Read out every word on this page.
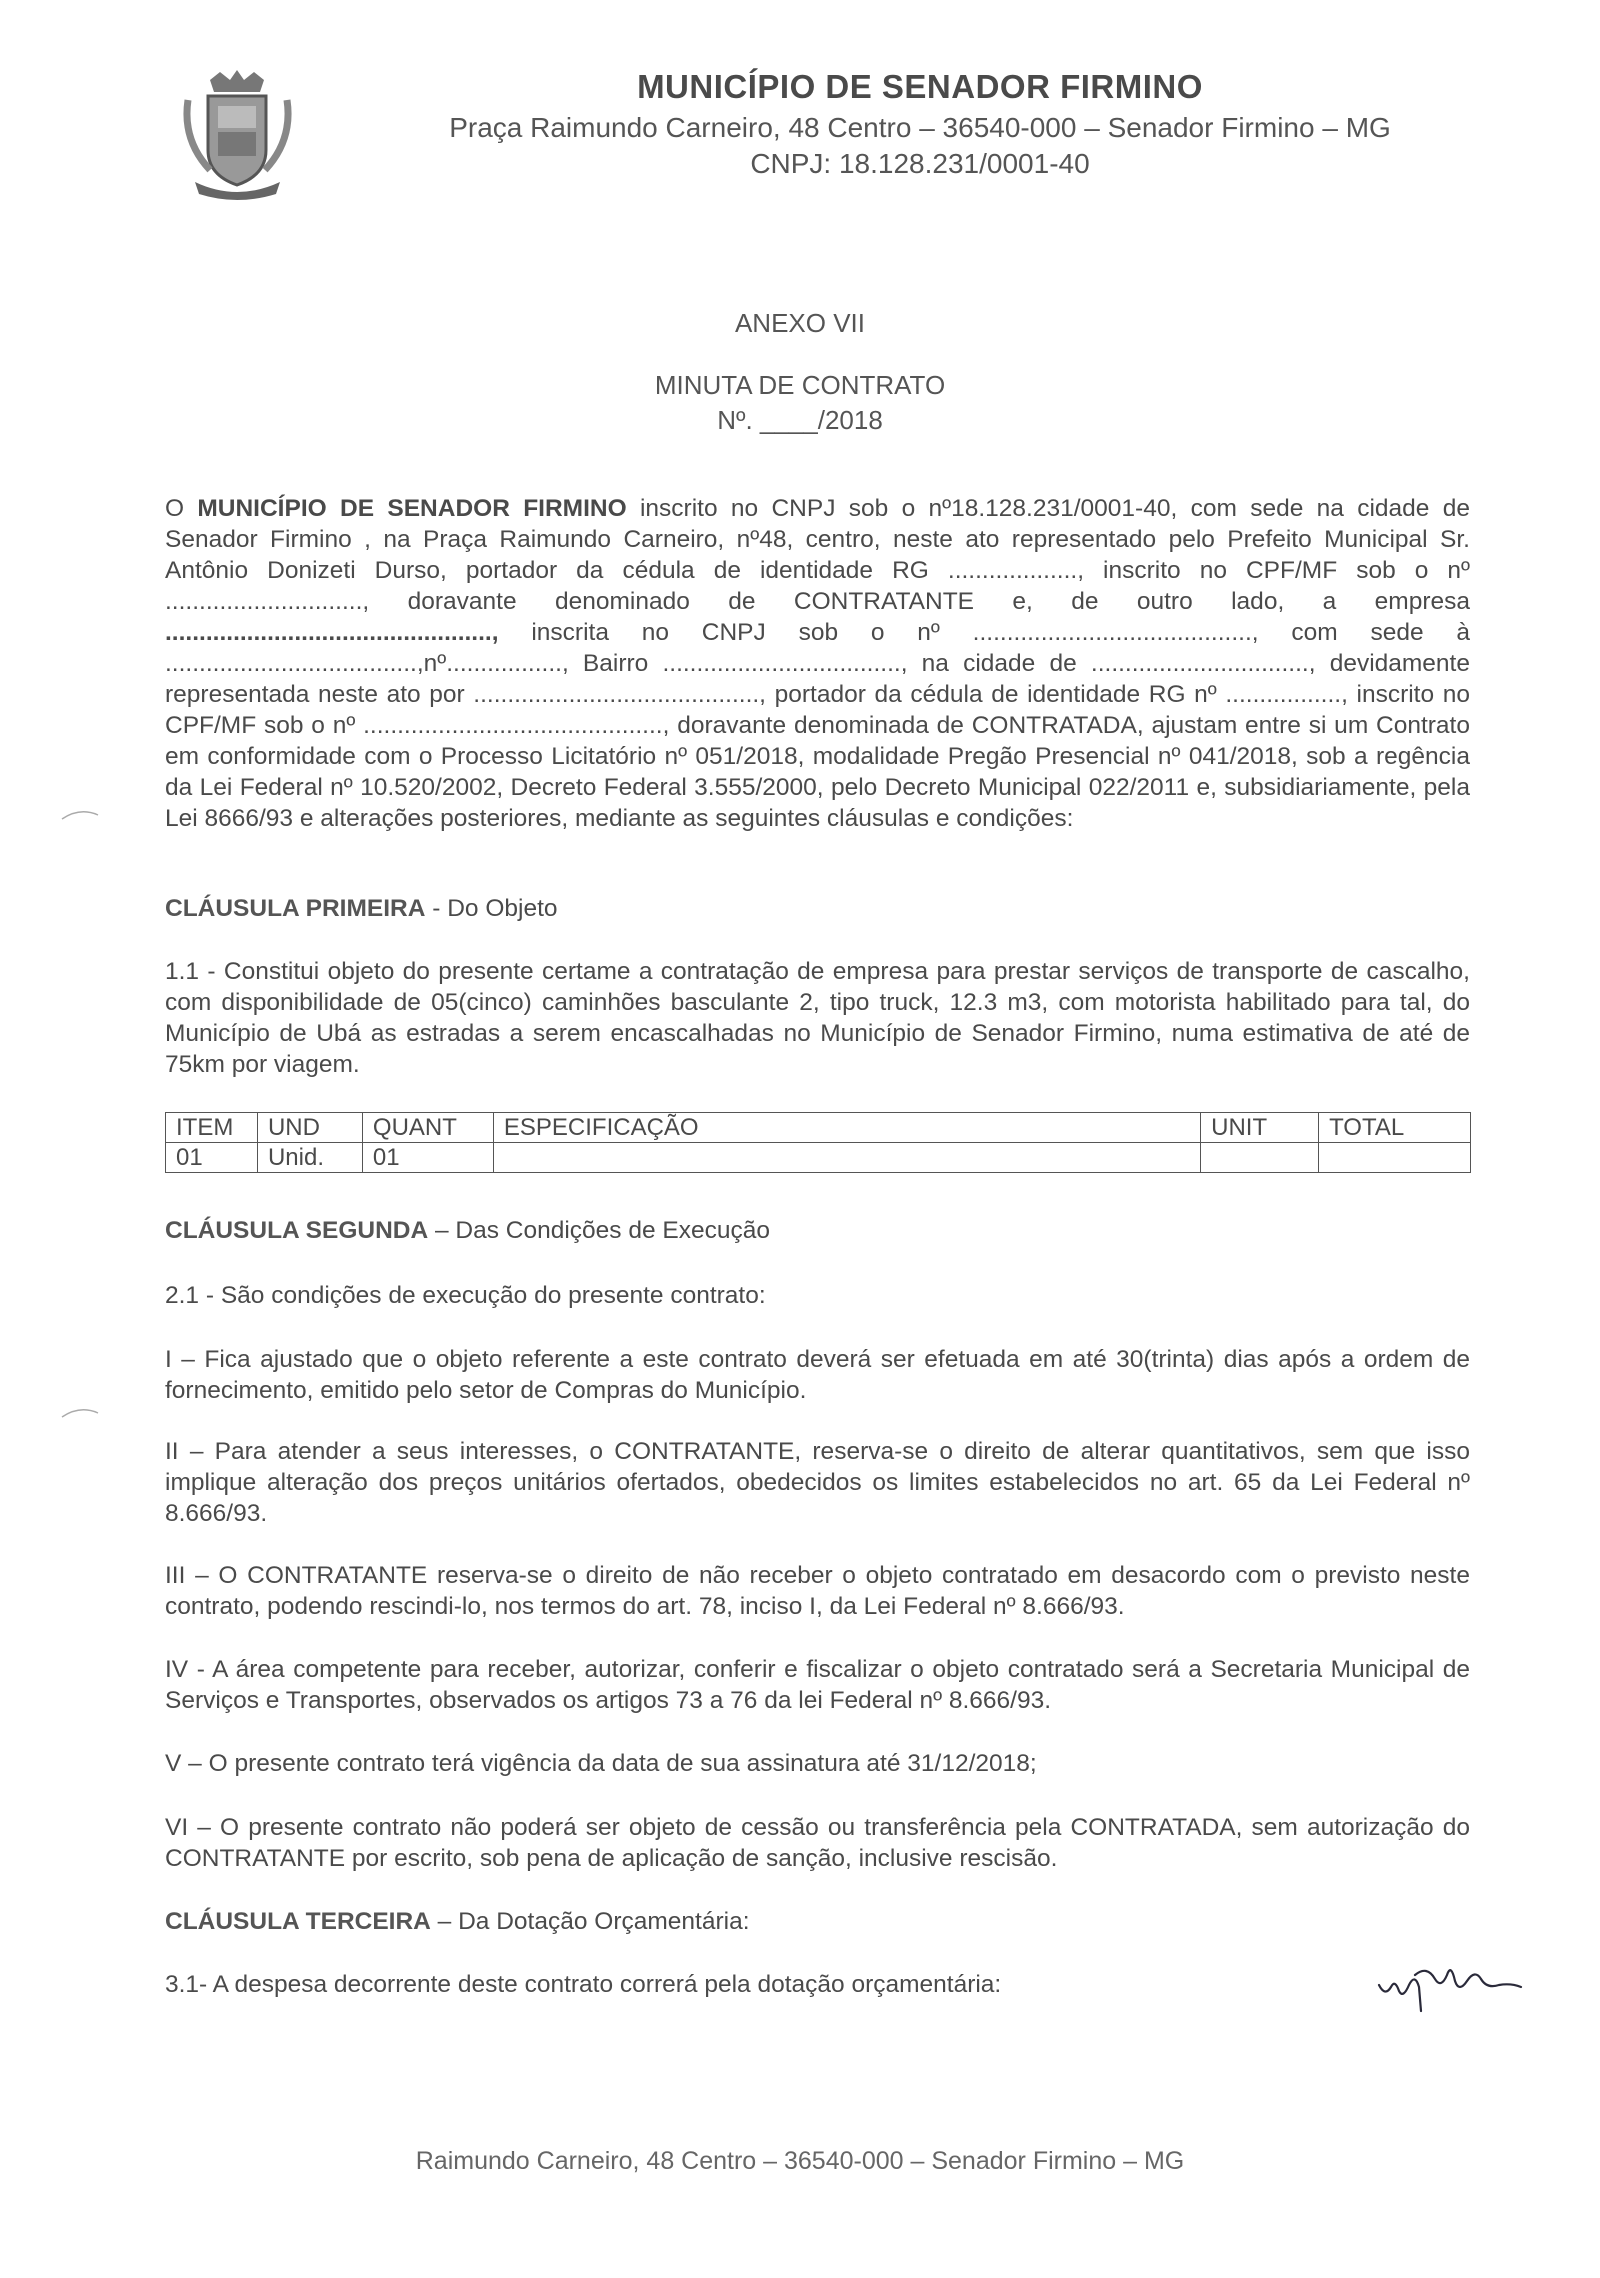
MUNICÍPIO DE SENADOR FIRMINO
Praça Raimundo Carneiro, 48 Centro – 36540-000 – Senador Firmino – MG
CNPJ: 18.128.231/0001-40
ANEXO VII
MINUTA DE CONTRATO
Nº. ____/2018
O MUNICÍPIO DE SENADOR FIRMINO inscrito no CNPJ sob o nº18.128.231/0001-40, com sede na cidade de Senador Firmino , na Praça Raimundo Carneiro, nº48, centro, neste ato representado pelo Prefeito Municipal Sr. Antônio Donizeti Durso, portador da cédula de identidade RG ..................., inscrito no CPF/MF sob o nº ............................., doravante denominado de CONTRATANTE e, de outro lado, a empresa ................................................, inscrita no CNPJ sob o nº ........................................., com sede à .....................................,nº................., Bairro ..................................., na cidade de ................................, devidamente representada neste ato por .........................................., portador da cédula de identidade RG nº ................., inscrito no CPF/MF sob o nº ............................................, doravante denominada de CONTRATADA, ajustam entre si um Contrato em conformidade com o Processo Licitatório nº 051/2018, modalidade Pregão Presencial nº 041/2018, sob a regência da Lei Federal nº 10.520/2002, Decreto Federal 3.555/2000, pelo Decreto Municipal 022/2011 e, subsidiariamente, pela Lei 8666/93 e alterações posteriores, mediante as seguintes cláusulas e condições:
CLÁUSULA PRIMEIRA - Do Objeto
1.1 - Constitui objeto do presente certame a contratação de empresa para prestar serviços de transporte de cascalho, com disponibilidade de 05(cinco) caminhões basculante 2, tipo truck, 12.3 m3, com motorista habilitado para tal, do Município de Ubá as estradas a serem encascalhadas no Município de Senador Firmino, numa estimativa de até de 75km por viagem.
ITEM	UND	QUANT	ESPECIFICAÇÃO	UNIT	TOTAL
01	Unid.	01			
CLÁUSULA SEGUNDA – Das Condições de Execução
2.1 - São condições de execução do presente contrato:
I – Fica ajustado que o objeto referente a este contrato deverá ser efetuada em até 30(trinta) dias após a ordem de fornecimento, emitido pelo setor de Compras do Município.
II – Para atender a seus interesses, o CONTRATANTE, reserva-se o direito de alterar quantitativos, sem que isso implique alteração dos preços unitários ofertados, obedecidos os limites estabelecidos no art. 65 da Lei Federal nº 8.666/93.
III – O CONTRATANTE reserva-se o direito de não receber o objeto contratado em desacordo com o previsto neste contrato, podendo rescindi-lo, nos termos do art. 78, inciso I, da Lei Federal nº 8.666/93.
IV - A área competente para receber, autorizar, conferir e fiscalizar o objeto contratado será a Secretaria Municipal de Serviços e Transportes, observados os artigos 73 a 76 da lei Federal nº 8.666/93.
V – O presente contrato terá vigência da data de sua assinatura até 31/12/2018;
VI – O presente contrato não poderá ser objeto de cessão ou transferência pela CONTRATADA, sem autorização do CONTRATANTE por escrito, sob pena de aplicação de sanção, inclusive rescisão.
CLÁUSULA TERCEIRA – Da Dotação Orçamentária:
3.1- A despesa decorrente deste contrato correrá pela dotação orçamentária:
Raimundo Carneiro, 48 Centro – 36540-000 – Senador Firmino – MG
